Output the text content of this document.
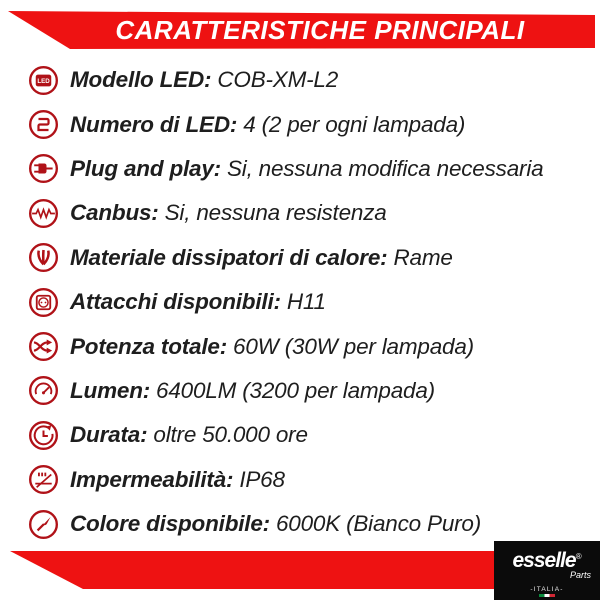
CARATTERISTICHE PRINCIPALI
LED Modello LED: COB-XM-L2
Numero di LED: 4 (2 per ogni lampada)
Plug and play: Si, nessuna modifica necessaria
Canbus: Si, nessuna resistenza
Materiale dissipatori di calore: Rame
Attacchi disponibili: H11
Potenza totale: 60W (30W per lampada)
Lumen: 6400LM (3200 per lampada)
Durata: oltre 50.000 ore
Impermeabilità: IP68
Colore disponibile: 6000K (Bianco Puro)
esselle®
Parts
-ITALIA-
